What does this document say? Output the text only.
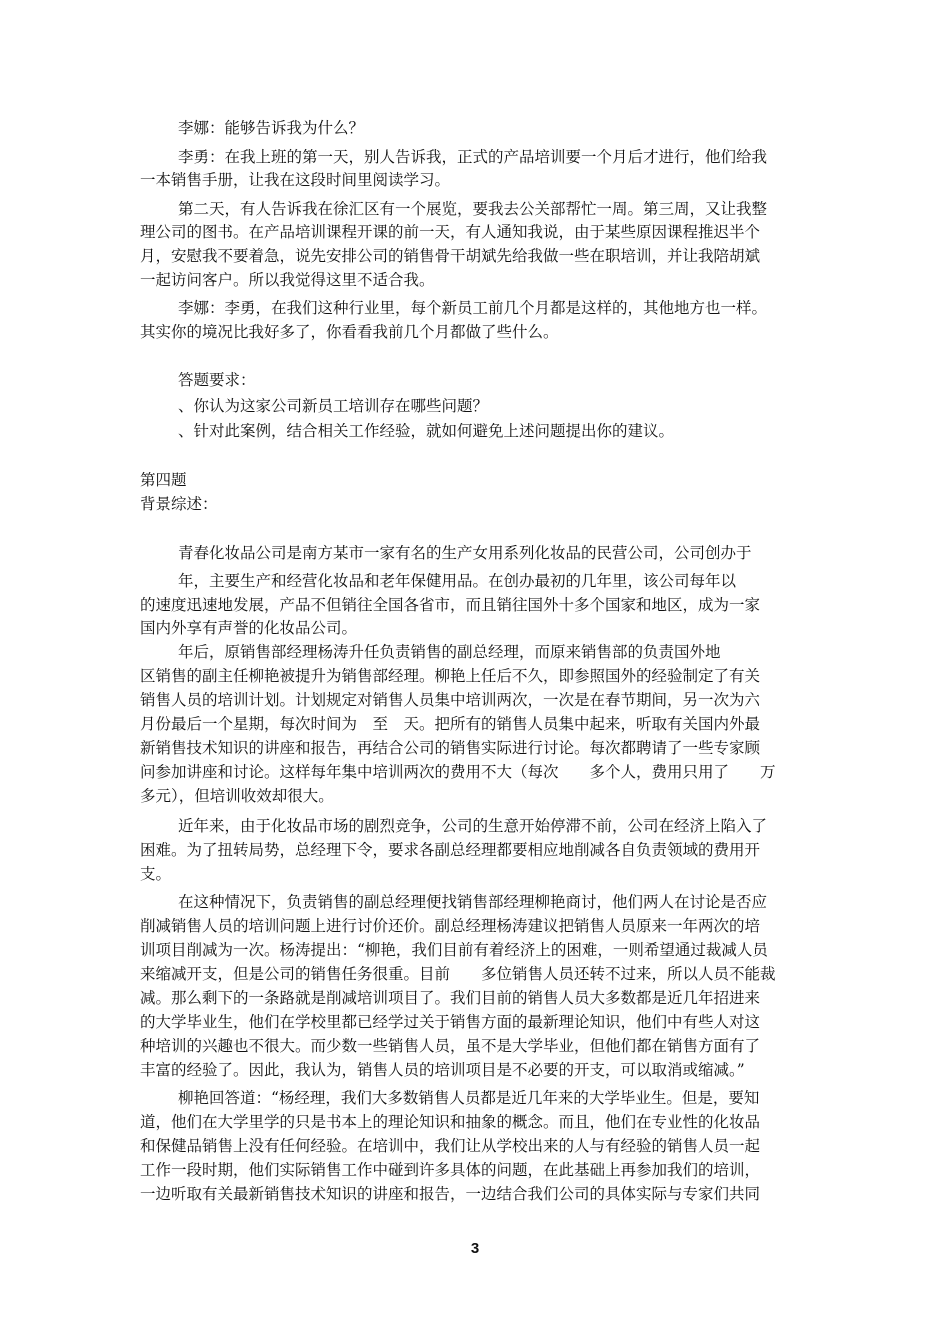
李娜：能够告诉我为什么？
李勇：在我上班的第一天，别人告诉我，正式的产品培训要一个月后才进行，他们给我
一本销售手册，让我在这段时间里阅读学习。
第二天，有人告诉我在徐汇区有一个展览，要我去公关部帮忙一周。第三周，又让我整
理公司的图书。在产品培训课程开课的前一天，有人通知我说，由于某些原因课程推迟半个
月，安慰我不要着急，说先安排公司的销售骨干胡斌先给我做一些在职培训，并让我陪胡斌
一起访问客户。所以我觉得这里不适合我。
李娜：李勇，在我们这种行业里，每个新员工前几个月都是这样的，其他地方也一样。
其实你的境况比我好多了，你看看我前几个月都做了些什么。
答题要求：
、你认为这家公司新员工培训存在哪些问题？
、针对此案例，结合相关工作经验，就如何避免上述问题提出你的建议。
第四题
背景综述：
青春化妆品公司是南方某市一家有名的生产女用系列化妆品的民营公司，公司创办于
年，主要生产和经营化妆品和老年保健用品。在创办最初的几年里，该公司每年以
的速度迅速地发展，产品不但销往全国各省市，而且销往国外十多个国家和地区，成为一家
国内外享有声誉的化妆品公司。
年后，原销售部经理杨涛升任负责销售的副总经理，而原来销售部的负责国外地
区销售的副主任柳艳被提升为销售部经理。柳艳上任后不久，即参照国外的经验制定了有关
销售人员的培训计划。计划规定对销售人员集中培训两次，一次是在春节期间，另一次为六
月份最后一个星期，每次时间为　至　天。把所有的销售人员集中起来，听取有关国内外最
新销售技术知识的讲座和报告，再结合公司的销售实际进行讨论。每次都聘请了一些专家顾
问参加讲座和讨论。这样每年集中培训两次的费用不大（每次　　多个人，费用只用了　　万
多元），但培训收效却很大。
近年来，由于化妆品市场的剧烈竞争，公司的生意开始停滞不前，公司在经济上陷入了
困难。为了扭转局势，总经理下令，要求各副总经理都要相应地削减各自负责领域的费用开
支。
在这种情况下，负责销售的副总经理便找销售部经理柳艳商讨，他们两人在讨论是否应
削减销售人员的培训问题上进行讨价还价。副总经理杨涛建议把销售人员原来一年两次的培
训项目削减为一次。杨涛提出：“柳艳，我们目前有着经济上的困难，一则希望通过裁减人员
来缩减开支，但是公司的销售任务很重。目前　　多位销售人员还转不过来，所以人员不能裁
减。那么剩下的一条路就是削减培训项目了。我们目前的销售人员大多数都是近几年招进来
的大学毕业生，他们在学校里都已经学过关于销售方面的最新理论知识，他们中有些人对这
种培训的兴趣也不很大。而少数一些销售人员，虽不是大学毕业，但他们都在销售方面有了
丰富的经验了。因此，我认为，销售人员的培训项目是不必要的开支，可以取消或缩减。”
柳艳回答道：“杨经理，我们大多数销售人员都是近几年来的大学毕业生。但是，要知
道，他们在大学里学的只是书本上的理论知识和抽象的概念。而且，他们在专业性的化妆品
和保健品销售上没有任何经验。在培训中，我们让从学校出来的人与有经验的销售人员一起
工作一段时期，他们实际销售工作中碰到许多具体的问题，在此基础上再参加我们的培训，
一边听取有关最新销售技术知识的讲座和报告，一边结合我们公司的具体实际与专家们共同
3
